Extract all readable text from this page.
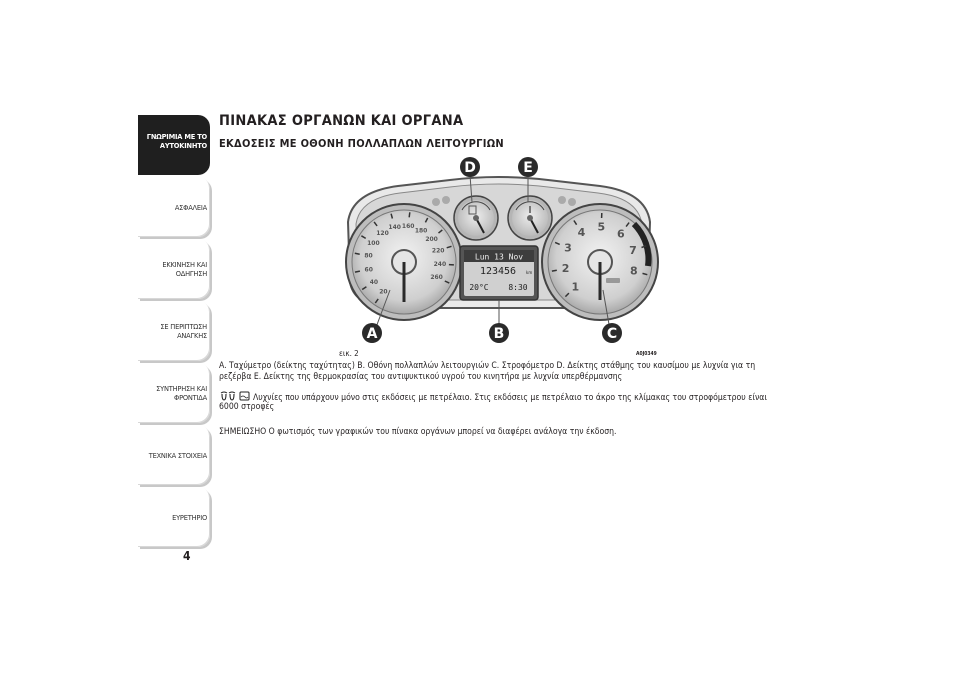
ΓΝΩΡΙΜΙΑ ΜΕ ΤΟ
ΑΥΤΟΚΙΝΗΤΟ
ΑΣΦΑΛΕΙΑ
ΕΚΚΙΝΗΣΗ ΚΑΙ
ΟΔΗΓΗΣΗ
ΣΕ ΠΕΡΙΠΤΩΣΗ
ΑΝΑΓΚΗΣ
ΣΥΝΤΗΡΗΣΗ ΚΑΙ
ΦΡΟΝΤΙΔΑ
ΤΕΧΝΙΚΑ ΣΤΟΙΧΕΙΑ
ΕΥΡΕΤΗΡΙΟ
4
ΠΙΝΑΚΑΣ ΟΡΓΑΝΩΝ ΚΑΙ ΟΡΓΑΝΑ
ΕΚΔΟΣΕΙΣ ΜΕ ΟΘΟΝΗ ΠΟΛΛΑΠΛΩΝ ΛΕΙΤΟΥΡΓΙΩΝ
20
40
60
80
100
120
140 160
180
200
220
240
260
1
2
3
4 5
6
7
8
Lun 13 Nov
123456 km
20°C 8:30
A	B	C
D	E
εικ. 2	A0J0349

A. Ταχύμετρο (δείκτης ταχύτητας) B. Οθόνη πολλαπλών λειτουργιών C. Στροφόμετρο D. Δείκτης στάθμης του καυσίμου με λυχνία για τη

ρεζέρβα E. Δείκτης της θερμοκρασίας του αντιψυκτικού υγρού του κινητήρα με λυχνία υπερθέρμανσης

Λυχνίες που υπάρχουν μόνο στις εκδόσεις με πετρέλαιο. Στις εκδόσεις με πετρέλαιο το άκρο της κλίμακας του στροφόμετρου είναι

6000 στροφές

ΣΗΜΕΙΩΣΗΟ Ο φωτισμός των γραφικών του πίνακα οργάνων μπορεί να διαφέρει ανάλογα την έκδοση.
